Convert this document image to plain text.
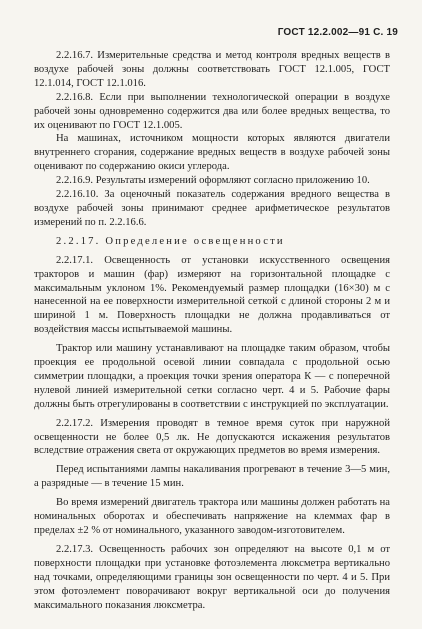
ГОСТ 12.2.002—91 С. 19

2.2.16.7. Измерительные средства и метод контроля вредных веществ в воздухе рабочей зоны должны соответствовать ГОСТ 12.1.005, ГОСТ 12.1.014, ГОСТ 12.1.016.

2.2.16.8. Если при выполнении технологической операции в воздухе рабочей зоны одновременно содержится два или более вредных вещества, то их оценивают по ГОСТ 12.1.005.

На машинах, источником мощности которых являются двигатели внутреннего сгорания, содержание вредных веществ в воздухе рабочей зоны оценивают по содержанию окиси углерода.

2.2.16.9. Результаты измерений оформляют согласно приложению 10.

2.2.16.10. За оценочный показатель содержания вредного вещества в воздухе рабочей зоны принимают среднее арифметическое результатов измерений по п. 2.2.16.6.

2.2.17. Определение освещенности

2.2.17.1. Освещенность от установки искусственного освещения тракторов и машин (фар) измеряют на горизонтальной площадке с максимальным уклоном 1%. Рекомендуемый размер площадки (16×30) м с нанесенной на ее поверхности измерительной сеткой с длиной стороны 2 м и шириной 1 м. Поверхность площадки не должна продавливаться от воздействия массы испытываемой машины.

Трактор или машину устанавливают на площадке таким образом, чтобы проекция ее продольной осевой линии совпадала с продольной осью симметрии площадки, а проекция точки зрения оператора К — с поперечной нулевой линией измерительной сетки согласно черт. 4 и 5. Рабочие фары должны быть отрегулированы в соответствии с инструкцией по эксплуатации.

2.2.17.2. Измерения проводят в темное время суток при наружной освещенности не более 0,5 лк. Не допускаются искажения результатов вследствие отражения света от окружающих предметов во время измерения.

Перед испытаниями лампы накаливания прогревают в течение 3—5 мин, а разрядные — в течение 15 мин.

Во время измерений двигатель трактора или машины должен работать на номинальных оборотах и обеспечивать напряжение на клеммах фар в пределах ±2 % от номинального, указанного заводом-изготовителем.

2.2.17.3. Освещенность рабочих зон определяют на высоте 0,1 м от поверхности площадки при установке фотоэлемента люксметра вертикально над точками, определяющими границы зон освещенности по черт. 4 и 5. При этом фотоэлемент поворачивают вокруг вертикальной оси до получения максимального показания люксметра.
